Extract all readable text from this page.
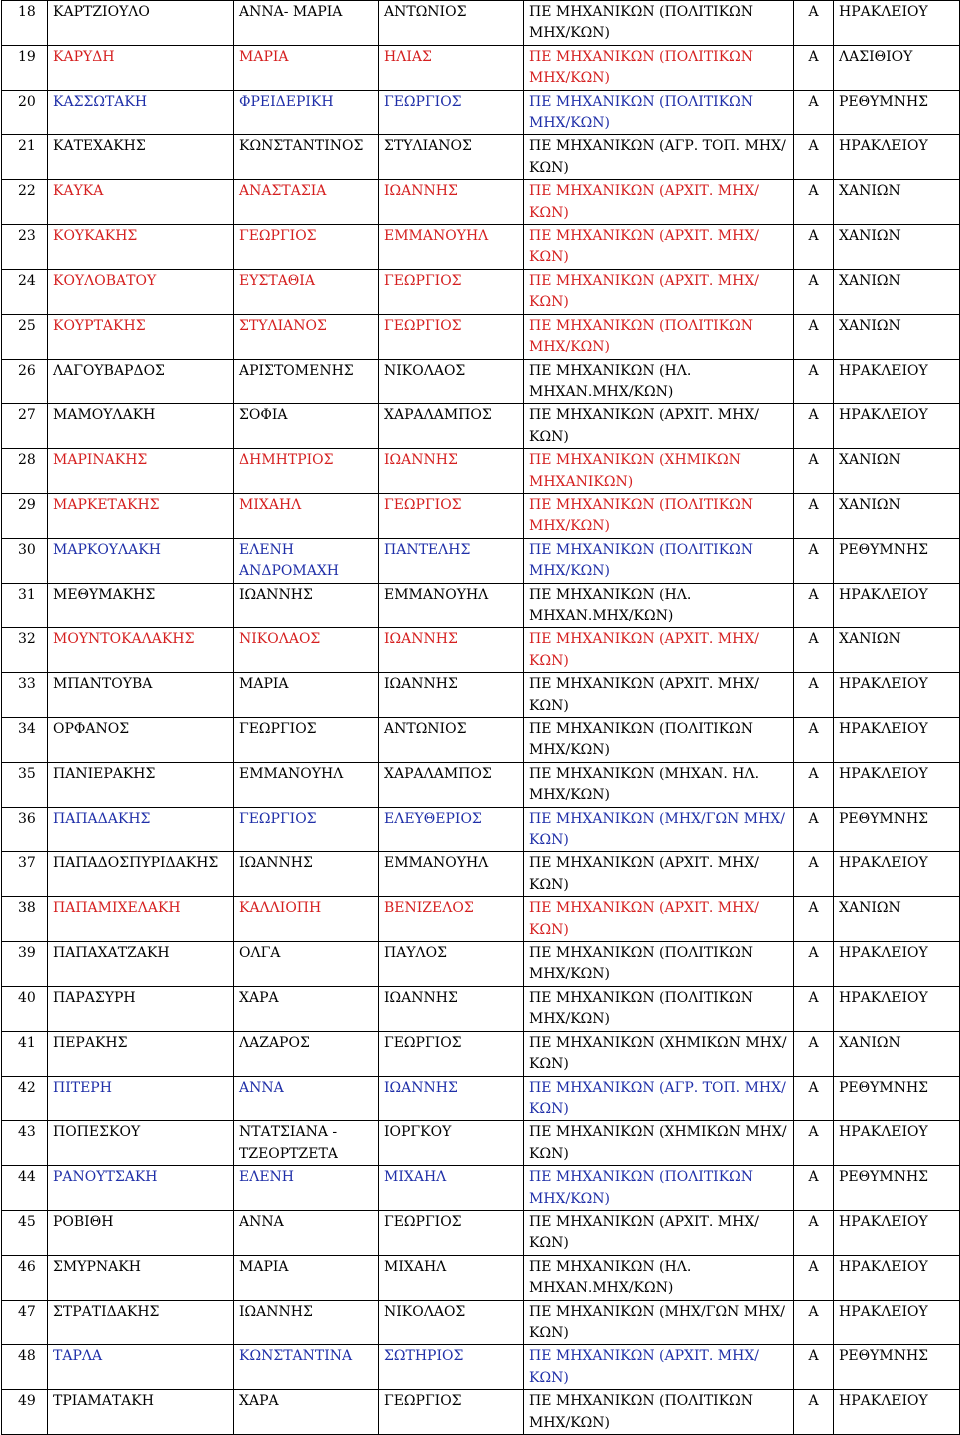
18	ΚΑΡΤΖΙΟΥΛΟ	ΑΝΝΑ- ΜΑΡΙΑ	ΑΝΤΩΝΙΟΣ	ΠΕ ΜΗΧΑΝΙΚΩΝ (ΠΟΛΙΤΙΚΩΝ ΜΗΧ/ΚΩΝ)	Α	ΗΡΑΚΛΕΙΟΥ
19	ΚΑΡΥΔΗ	ΜΑΡΙΑ	ΗΛΙΑΣ	ΠΕ ΜΗΧΑΝΙΚΩΝ (ΠΟΛΙΤΙΚΩΝ ΜΗΧ/ΚΩΝ)	Α	ΛΑΣΙΘΙΟΥ
20	ΚΑΣΣΩΤΑΚΗ	ΦΡΕΙΔΕΡΙΚΗ	ΓΕΩΡΓΙΟΣ	ΠΕ ΜΗΧΑΝΙΚΩΝ (ΠΟΛΙΤΙΚΩΝ ΜΗΧ/ΚΩΝ)	Α	ΡΕΘΥΜΝΗΣ
21	ΚΑΤΕΧΑΚΗΣ	ΚΩΝΣΤΑΝΤΙΝΟΣ	ΣΤΥΛΙΑΝΟΣ	ΠΕ ΜΗΧΑΝΙΚΩΝ (ΑΓΡ. ΤΟΠ. ΜΗΧ/ΚΩΝ)	Α	ΗΡΑΚΛΕΙΟΥ
22	ΚΑΥΚΑ	ΑΝΑΣΤΑΣΙΑ	ΙΩΑΝΝΗΣ	ΠΕ ΜΗΧΑΝΙΚΩΝ (ΑΡΧΙΤ. ΜΗΧ/ΚΩΝ)	Α	ΧΑΝΙΩΝ
23	ΚΟΥΚΑΚΗΣ	ΓΕΩΡΓΙΟΣ	ΕΜΜΑΝΟΥΗΛ	ΠΕ ΜΗΧΑΝΙΚΩΝ (ΑΡΧΙΤ. ΜΗΧ/ΚΩΝ)	Α	ΧΑΝΙΩΝ
24	ΚΟΥΛΟΒΑΤΟΥ	ΕΥΣΤΑΘΙΑ	ΓΕΩΡΓΙΟΣ	ΠΕ ΜΗΧΑΝΙΚΩΝ (ΑΡΧΙΤ. ΜΗΧ/ΚΩΝ)	Α	ΧΑΝΙΩΝ
25	ΚΟΥΡΤΑΚΗΣ	ΣΤΥΛΙΑΝΟΣ	ΓΕΩΡΓΙΟΣ	ΠΕ ΜΗΧΑΝΙΚΩΝ (ΠΟΛΙΤΙΚΩΝ ΜΗΧ/ΚΩΝ)	Α	ΧΑΝΙΩΝ
26	ΛΑΓΟΥΒΑΡΔΟΣ	ΑΡΙΣΤΟΜΕΝΗΣ	ΝΙΚΟΛΑΟΣ	ΠΕ ΜΗΧΑΝΙΚΩΝ (ΗΛ. ΜΗΧΑΝ.ΜΗΧ/ΚΩΝ)	Α	ΗΡΑΚΛΕΙΟΥ
27	ΜΑΜΟΥΛΑΚΗ	ΣΟΦΙΑ	ΧΑΡΑΛΑΜΠΟΣ	ΠΕ ΜΗΧΑΝΙΚΩΝ (ΑΡΧΙΤ. ΜΗΧ/ΚΩΝ)	Α	ΗΡΑΚΛΕΙΟΥ
28	ΜΑΡΙΝΑΚΗΣ	ΔΗΜΗΤΡΙΟΣ	ΙΩΑΝΝΗΣ	ΠΕ ΜΗΧΑΝΙΚΩΝ (ΧΗΜΙΚΩΝ ΜΗΧΑΝΙΚΩΝ)	Α	ΧΑΝΙΩΝ
29	ΜΑΡΚΕΤΑΚΗΣ	ΜΙΧΑΗΛ	ΓΕΩΡΓΙΟΣ	ΠΕ ΜΗΧΑΝΙΚΩΝ (ΠΟΛΙΤΙΚΩΝ ΜΗΧ/ΚΩΝ)	Α	ΧΑΝΙΩΝ
30	ΜΑΡΚΟΥΛΑΚΗ	ΕΛΕΝΗ ΑΝΔΡΟΜΑΧΗ	ΠΑΝΤΕΛΗΣ	ΠΕ ΜΗΧΑΝΙΚΩΝ (ΠΟΛΙΤΙΚΩΝ ΜΗΧ/ΚΩΝ)	Α	ΡΕΘΥΜΝΗΣ
31	ΜΕΘΥΜΑΚΗΣ	ΙΩΑΝΝΗΣ	ΕΜΜΑΝΟΥΗΛ	ΠΕ ΜΗΧΑΝΙΚΩΝ (ΗΛ. ΜΗΧΑΝ.ΜΗΧ/ΚΩΝ)	Α	ΗΡΑΚΛΕΙΟΥ
32	ΜΟΥΝΤΟΚΑΛΑΚΗΣ	ΝΙΚΟΛΑΟΣ	ΙΩΑΝΝΗΣ	ΠΕ ΜΗΧΑΝΙΚΩΝ (ΑΡΧΙΤ. ΜΗΧ/ΚΩΝ)	Α	ΧΑΝΙΩΝ
33	ΜΠΑΝΤΟΥΒΑ	ΜΑΡΙΑ	ΙΩΑΝΝΗΣ	ΠΕ ΜΗΧΑΝΙΚΩΝ (ΑΡΧΙΤ. ΜΗΧ/ΚΩΝ)	Α	ΗΡΑΚΛΕΙΟΥ
34	ΟΡΦΑΝΟΣ	ΓΕΩΡΓΙΟΣ	ΑΝΤΩΝΙΟΣ	ΠΕ ΜΗΧΑΝΙΚΩΝ (ΠΟΛΙΤΙΚΩΝ ΜΗΧ/ΚΩΝ)	Α	ΗΡΑΚΛΕΙΟΥ
35	ΠΑΝΙΕΡΑΚΗΣ	ΕΜΜΑΝΟΥΗΛ	ΧΑΡΑΛΑΜΠΟΣ	ΠΕ ΜΗΧΑΝΙΚΩΝ (ΜΗΧΑΝ. ΗΛ. ΜΗΧ/ΚΩΝ)	Α	ΗΡΑΚΛΕΙΟΥ
36	ΠΑΠΑΔΑΚΗΣ	ΓΕΩΡΓΙΟΣ	ΕΛΕΥΘΕΡΙΟΣ	ΠΕ ΜΗΧΑΝΙΚΩΝ (ΜΗΧ/ΓΩΝ ΜΗΧ/ΚΩΝ)	Α	ΡΕΘΥΜΝΗΣ
37	ΠΑΠΑΔΟΣΠΥΡΙΔΑΚΗΣ	ΙΩΑΝΝΗΣ	ΕΜΜΑΝΟΥΗΛ	ΠΕ ΜΗΧΑΝΙΚΩΝ (ΑΡΧΙΤ. ΜΗΧ/ΚΩΝ)	Α	ΗΡΑΚΛΕΙΟΥ
38	ΠΑΠΑΜΙΧΕΛΑΚΗ	ΚΑΛΛΙΟΠΗ	ΒΕΝΙΖΕΛΟΣ	ΠΕ ΜΗΧΑΝΙΚΩΝ (ΑΡΧΙΤ. ΜΗΧ/ΚΩΝ)	Α	ΧΑΝΙΩΝ
39	ΠΑΠΑΧΑΤΖΑΚΗ	ΟΛΓΑ	ΠΑΥΛΟΣ	ΠΕ ΜΗΧΑΝΙΚΩΝ (ΠΟΛΙΤΙΚΩΝ ΜΗΧ/ΚΩΝ)	Α	ΗΡΑΚΛΕΙΟΥ
40	ΠΑΡΑΣΥΡΗ	ΧΑΡΑ	ΙΩΑΝΝΗΣ	ΠΕ ΜΗΧΑΝΙΚΩΝ (ΠΟΛΙΤΙΚΩΝ ΜΗΧ/ΚΩΝ)	Α	ΗΡΑΚΛΕΙΟΥ
41	ΠΕΡΑΚΗΣ	ΛΑΖΑΡΟΣ	ΓΕΩΡΓΙΟΣ	ΠΕ ΜΗΧΑΝΙΚΩΝ (ΧΗΜΙΚΩΝ ΜΗΧ/ΚΩΝ)	Α	ΧΑΝΙΩΝ
42	ΠΙΤΕΡΗ	ΑΝΝΑ	ΙΩΑΝΝΗΣ	ΠΕ ΜΗΧΑΝΙΚΩΝ (ΑΓΡ. ΤΟΠ. ΜΗΧ/ΚΩΝ)	Α	ΡΕΘΥΜΝΗΣ
43	ΠΟΠΕΣΚΟΥ	ΝΤΑΤΣΙΑΝΑ - ΤΖΕΟΡΤΖΕΤΑ	ΙΟΡΓΚΟΥ	ΠΕ ΜΗΧΑΝΙΚΩΝ (ΧΗΜΙΚΩΝ ΜΗΧ/ΚΩΝ)	Α	ΗΡΑΚΛΕΙΟΥ
44	ΡΑΝΟΥΤΣΑΚΗ	ΕΛΕΝΗ	ΜΙΧΑΗΛ	ΠΕ ΜΗΧΑΝΙΚΩΝ (ΠΟΛΙΤΙΚΩΝ ΜΗΧ/ΚΩΝ)	Α	ΡΕΘΥΜΝΗΣ
45	ΡΟΒΙΘΗ	ΑΝΝΑ	ΓΕΩΡΓΙΟΣ	ΠΕ ΜΗΧΑΝΙΚΩΝ (ΑΡΧΙΤ. ΜΗΧ/ΚΩΝ)	Α	ΗΡΑΚΛΕΙΟΥ
46	ΣΜΥΡΝΑΚΗ	ΜΑΡΙΑ	ΜΙΧΑΗΛ	ΠΕ ΜΗΧΑΝΙΚΩΝ (ΗΛ. ΜΗΧΑΝ.ΜΗΧ/ΚΩΝ)	Α	ΗΡΑΚΛΕΙΟΥ
47	ΣΤΡΑΤΙΔΑΚΗΣ	ΙΩΑΝΝΗΣ	ΝΙΚΟΛΑΟΣ	ΠΕ ΜΗΧΑΝΙΚΩΝ (ΜΗΧ/ΓΩΝ ΜΗΧ/ΚΩΝ)	Α	ΗΡΑΚΛΕΙΟΥ
48	ΤΑΡΛΑ	ΚΩΝΣΤΑΝΤΙΝΑ	ΣΩΤΗΡΙΟΣ	ΠΕ ΜΗΧΑΝΙΚΩΝ (ΑΡΧΙΤ. ΜΗΧ/ΚΩΝ)	Α	ΡΕΘΥΜΝΗΣ
49	ΤΡΙΑΜΑΤΑΚΗ	ΧΑΡΑ	ΓΕΩΡΓΙΟΣ	ΠΕ ΜΗΧΑΝΙΚΩΝ (ΠΟΛΙΤΙΚΩΝ ΜΗΧ/ΚΩΝ)	Α	ΗΡΑΚΛΕΙΟΥ
